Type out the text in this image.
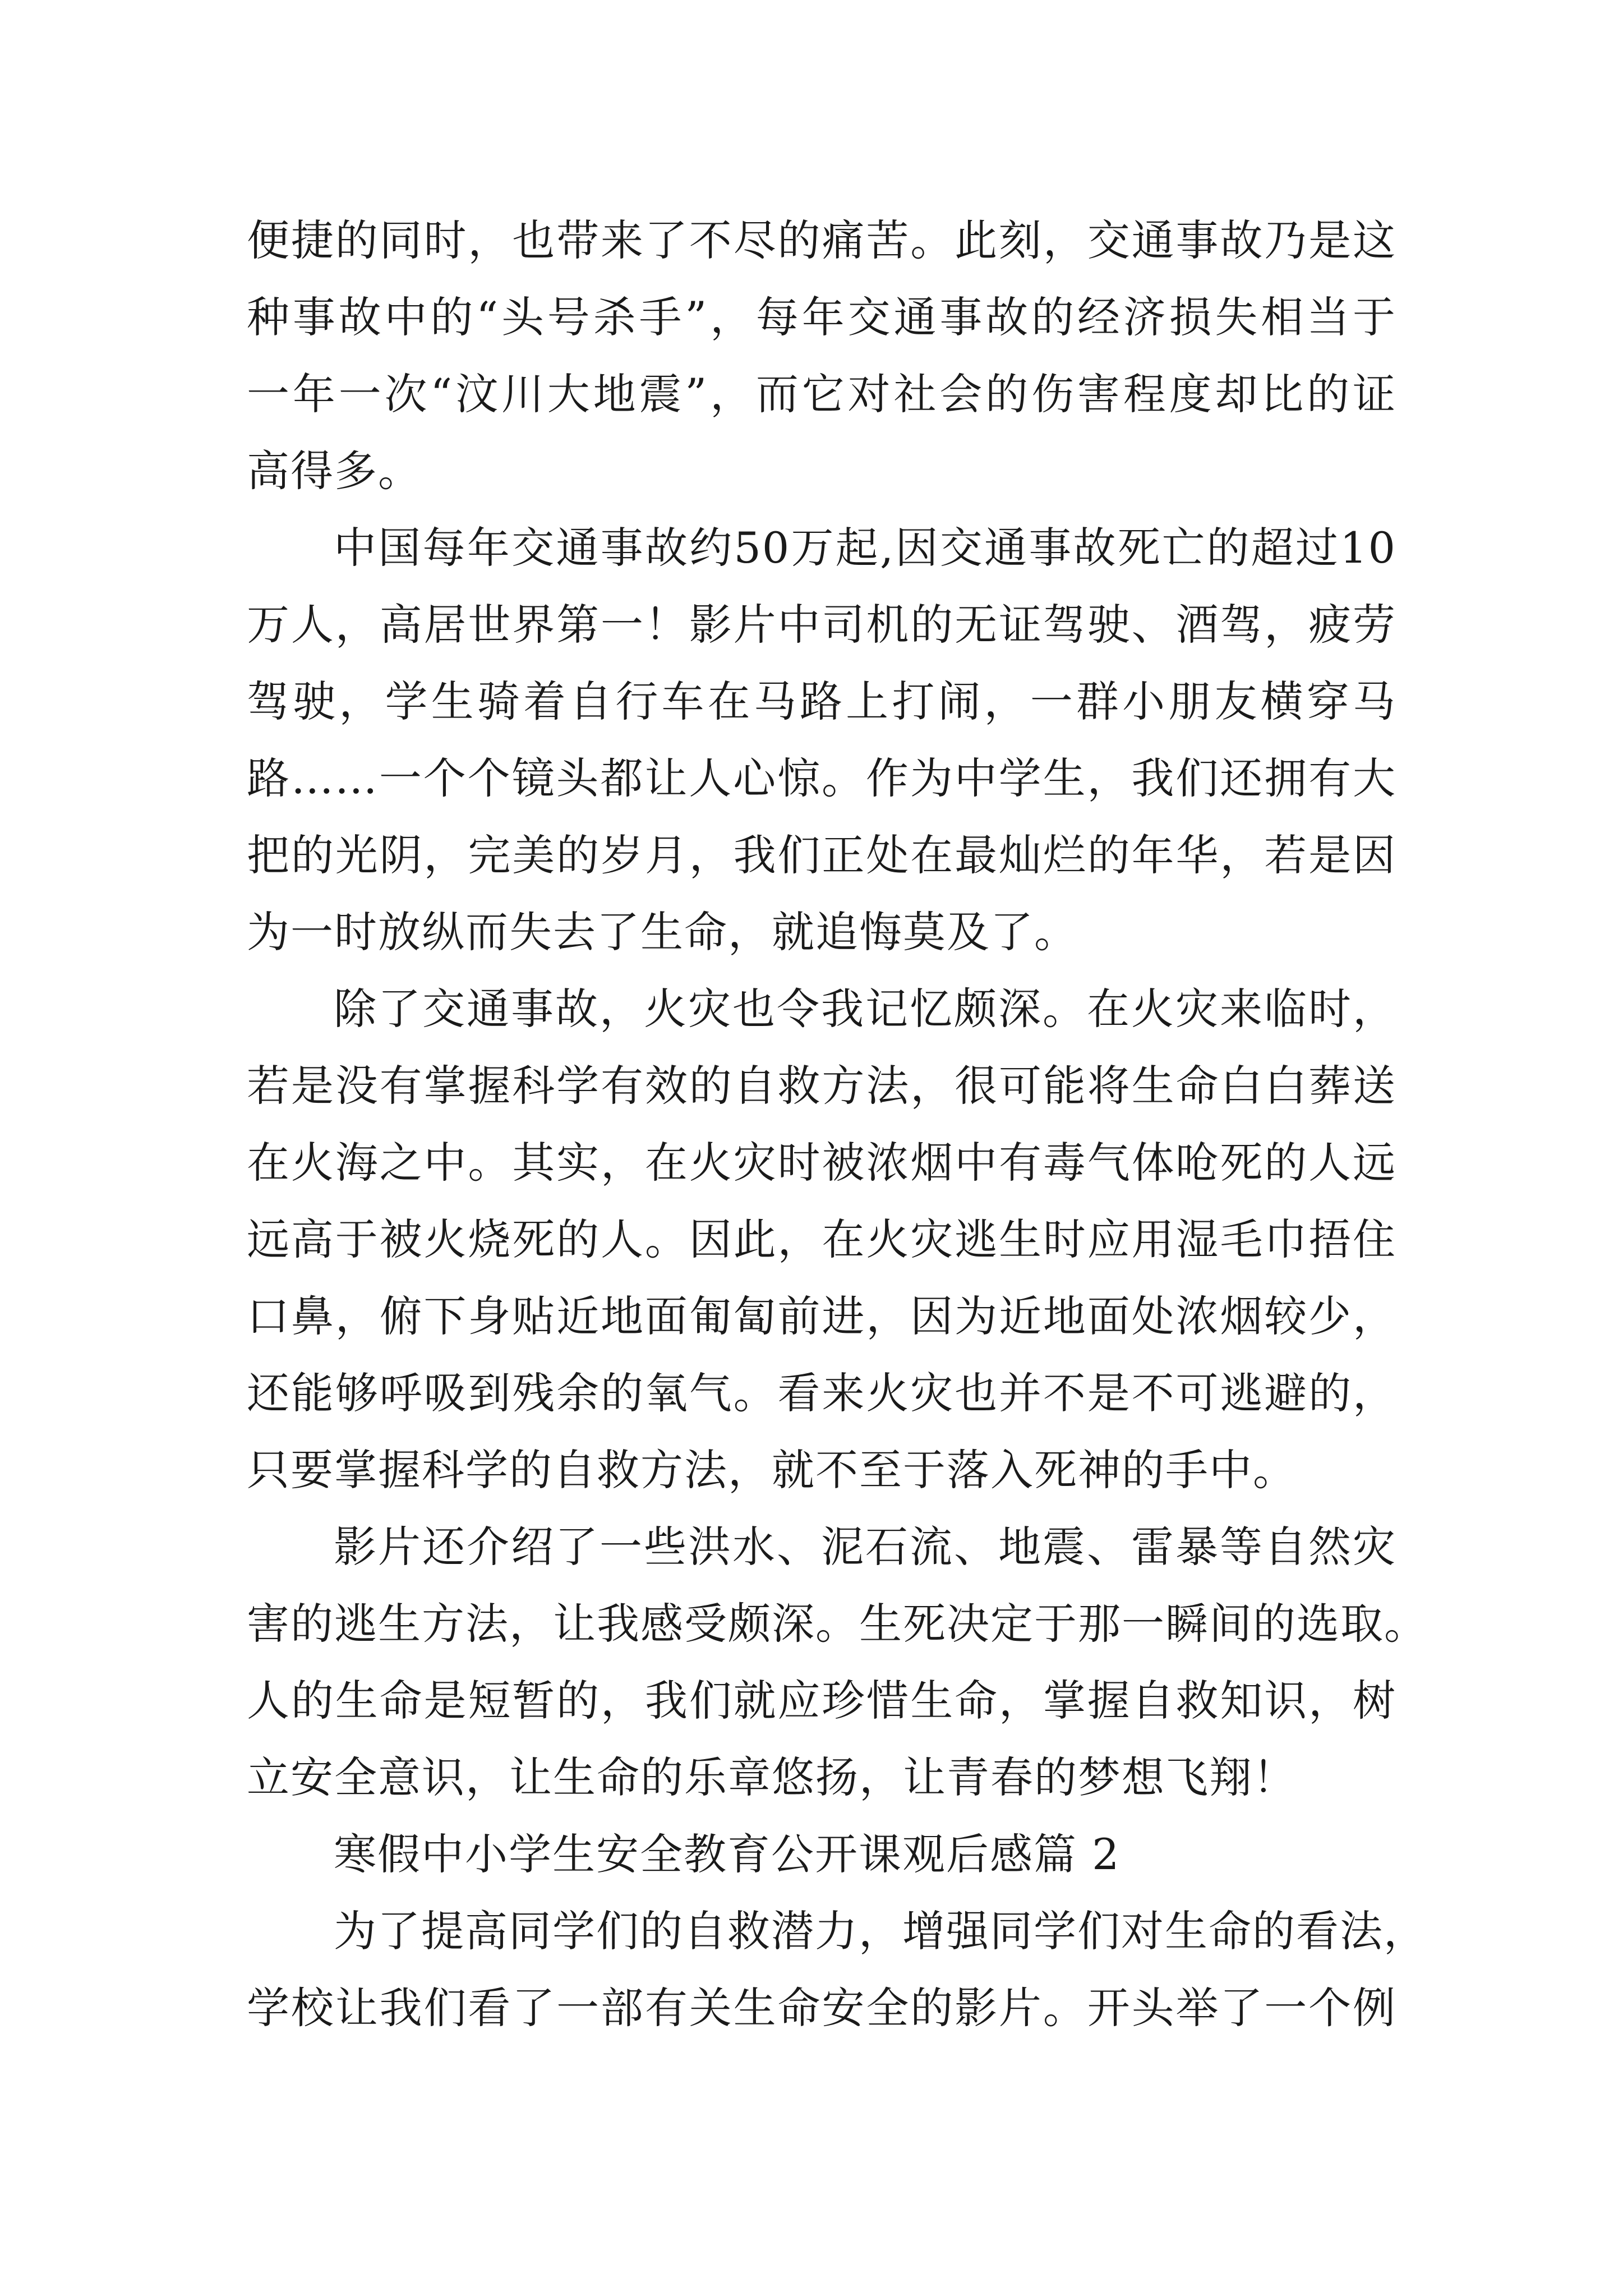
便捷的同时，也带来了不尽的痛苦。此刻，交通事故乃是这
种事故中的“头号杀手”，每年交通事故的经济损失相当于
一年一次“汶川大地震”，而它对社会的伤害程度却比的证
高得多。
中国每年交通事故约50万起,因交通事故死亡的超过10
万人，高居世界第一！影片中司机的无证驾驶、酒驾，疲劳
驾驶，学生骑着自行车在马路上打闹，一群小朋友横穿马
路……一个个镜头都让人心惊。作为中学生，我们还拥有大
把的光阴，完美的岁月，我们正处在最灿烂的年华，若是因
为一时放纵而失去了生命，就追悔莫及了。
除了交通事故，火灾也令我记忆颇深。在火灾来临时，
若是没有掌握科学有效的自救方法，很可能将生命白白葬送
在火海之中。其实，在火灾时被浓烟中有毒气体呛死的人远
远高于被火烧死的人。因此，在火灾逃生时应用湿毛巾捂住
口鼻，俯下身贴近地面匍匐前进，因为近地面处浓烟较少，
还能够呼吸到残余的氧气。看来火灾也并不是不可逃避的，
只要掌握科学的自救方法，就不至于落入死神的手中。
影片还介绍了一些洪水、泥石流、地震、雷暴等自然灾
害的逃生方法，让我感受颇深。生死决定于那一瞬间的选取。
人的生命是短暂的，我们就应珍惜生命，掌握自救知识，树
立安全意识，让生命的乐章悠扬，让青春的梦想飞翔！
寒假中小学生安全教育公开课观后感篇 2
为了提高同学们的自救潜力，增强同学们对生命的看法，
学校让我们看了一部有关生命安全的影片。开头举了一个例
